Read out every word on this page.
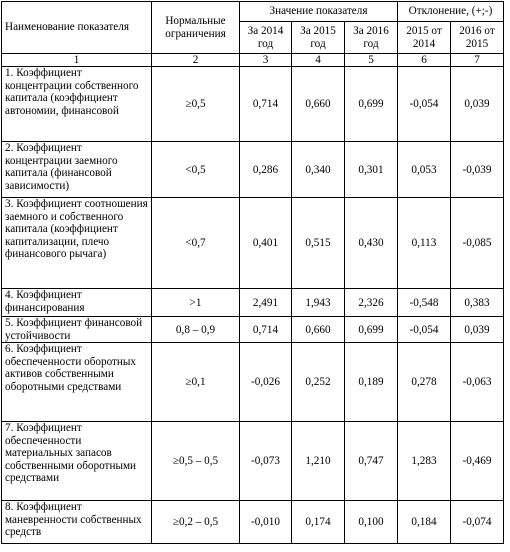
Наименование показателя	Нормальные ограничения	Значение показателя			Отклонение, (+;-)	
		За 2014 год	За 2015 год	За 2016 год	2015 от 2014	2016 от 2015
1	2	3	4	5	6	7

1. Коэффициент концентрации собственного капитала (коэффициент автономии, финансовой	≥0,5	0,714	0,660	0,699	-0,054	0,039

2. Коэффициент концентрации заемного капитала (финансовой зависимости)	<0,5	0,286	0,340	0,301	0,053	-0,039

3. Коэффициент соотношения заемного и собственного капитала (коэффициент капитализации, плечо финансового рычага)	<0,7	0,401	0,515	0,430	0,113	-0,085

4. Коэффициент финансирования	>1	2,491	1,943	2,326	-0,548	0,383

5. Коэффициент финансовой устойчивости	0,8 – 0,9	0,714	0,660	0,699	-0,054	0,039

6. Коэффициент обеспеченности оборотных активов собственными оборотными средствами	≥0,1	-0,026	0,252	0,189	0,278	-0,063

7. Коэффициент обеспеченности материальных запасов собственными оборотными средствами	≥0,5 – 0,5	-0,073	1,210	0,747	1,283	-0,469

8. Коэффициент маневренности собственных средств	≥0,2 – 0,5	-0,010	0,174	0,100	0,184	-0,074
